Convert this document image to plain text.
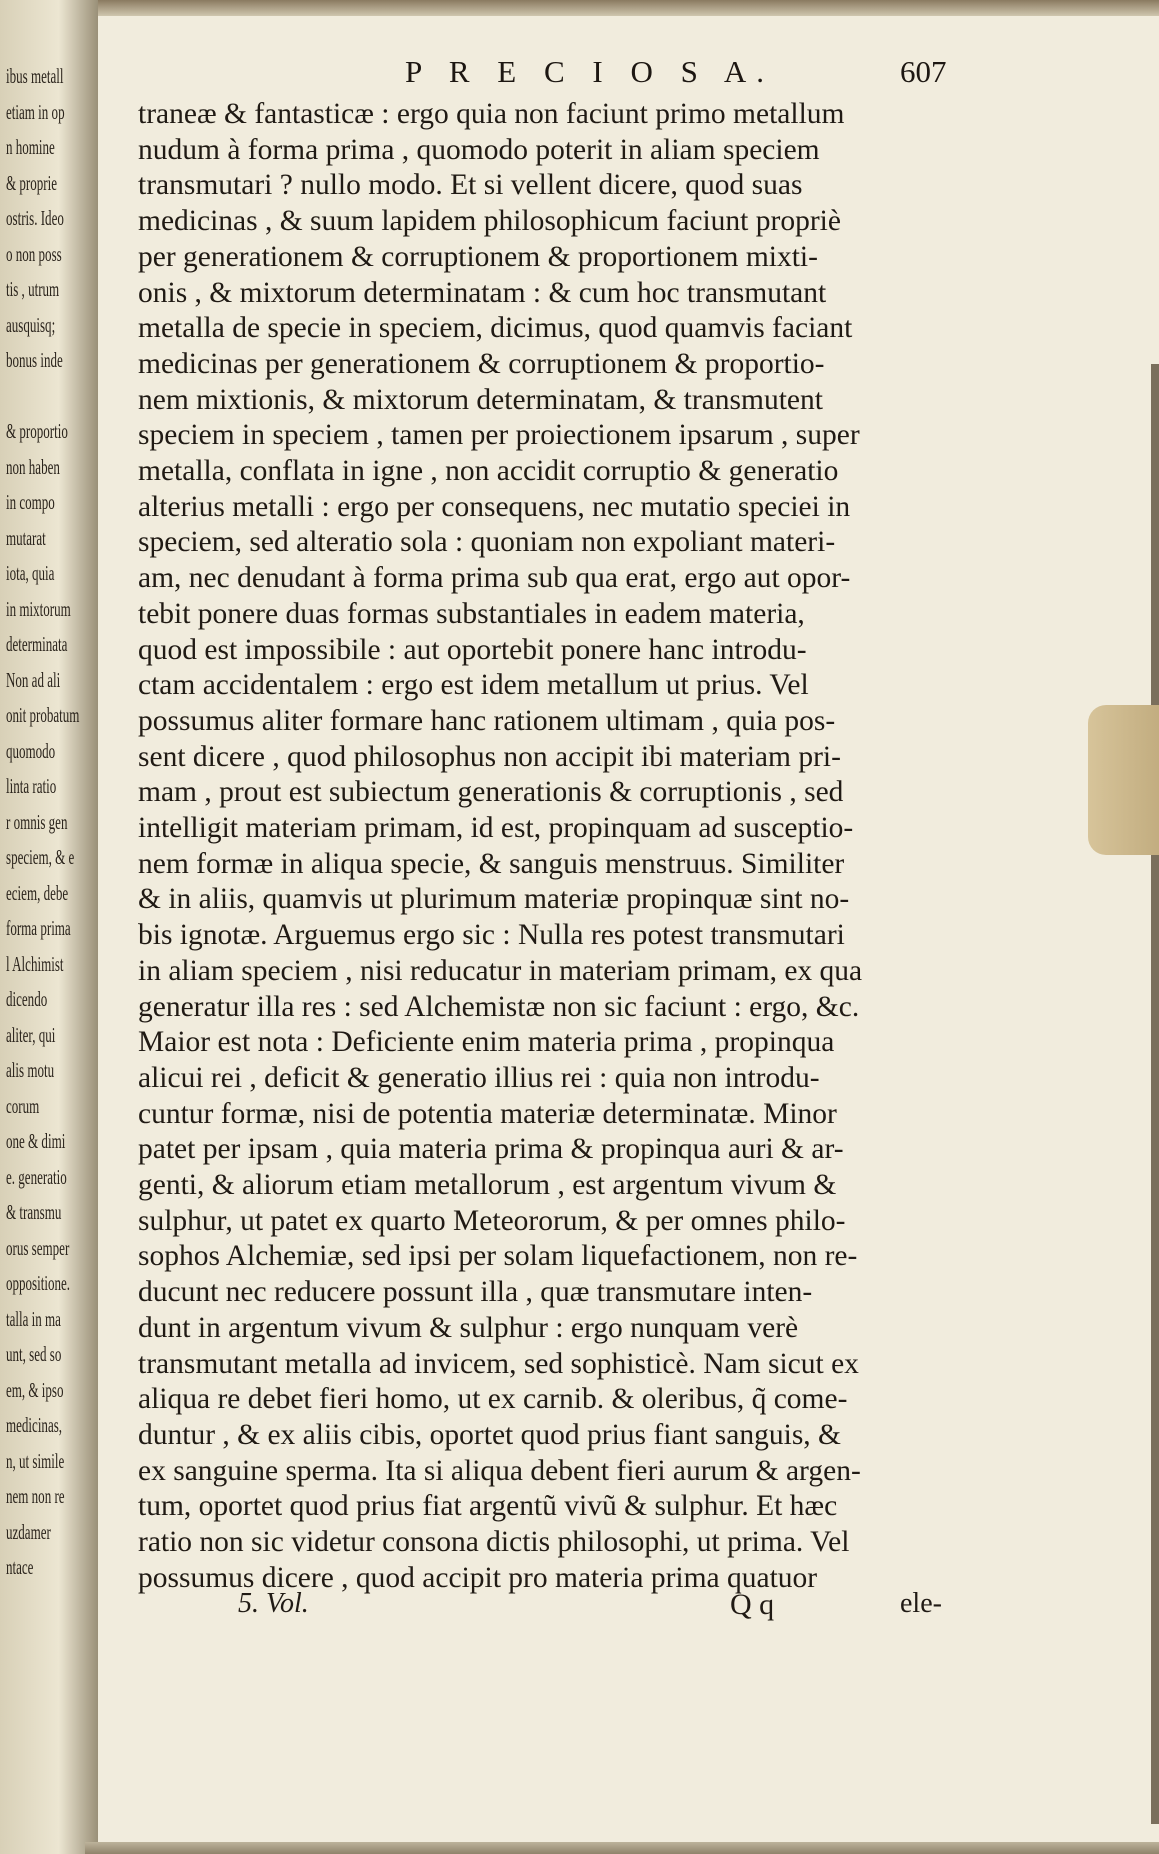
ibus metall
etiam in op
n homine
& proprie
ostris. Ideo
o non poss
tis , utrum
ausquisq;
bonus inde
& proportio
non haben
in compo
mutarat
iota, quia
in mixtorum
determinata
Non ad ali
onit probatum
quomodo
linta ratio
r omnis gen
speciem, & e
eciem, debe
forma prima
l Alchimist
dicendo
aliter, qui
alis motu
corum
one & dimi
e. generatio
& transmu
orus semper
oppositione.
talla in ma
unt, sed so
em, & ipso
medicinas,
n, ut simile
nem non re
uzdamer
ntace
P R E C I O S A.	607
traneæ & fantasticæ : ergo quia non faciunt primo metallum
nudum à forma prima , quomodo poterit in aliam speciem
transmutari ? nullo modo. Et si vellent dicere, quod suas
medicinas , & suum lapidem philosophicum faciunt propriè
per generationem & corruptionem & proportionem mixti-
onis , & mixtorum determinatam : & cum hoc transmutant
metalla de specie in speciem, dicimus, quod quamvis faciant
medicinas per generationem & corruptionem & proportio-
nem mixtionis, & mixtorum determinatam, & transmutent
speciem in speciem , tamen per proiectionem ipsarum , super
metalla, conflata in igne , non accidit corruptio & generatio
alterius metalli : ergo per consequens, nec mutatio speciei in
speciem, sed alteratio sola : quoniam non expoliant materi-
am, nec denudant à forma prima sub qua erat, ergo aut opor-
tebit ponere duas formas substantiales in eadem materia,
quod est impossibile : aut oportebit ponere hanc introdu-
ctam accidentalem : ergo est idem metallum ut prius. Vel
possumus aliter formare hanc rationem ultimam , quia pos-
sent dicere , quod philosophus non accipit ibi materiam pri-
mam , prout est subiectum generationis & corruptionis , sed
intelligit materiam primam, id est, propinquam ad susceptio-
nem formæ in aliqua specie, & sanguis menstruus. Similiter
& in aliis, quamvis ut plurimum materiæ propinquæ sint no-
bis ignotæ. Arguemus ergo sic : Nulla res potest transmutari
in aliam speciem , nisi reducatur in materiam primam, ex qua
generatur illa res : sed Alchemistæ non sic faciunt : ergo, &c.
Maior est nota : Deficiente enim materia prima , propinqua
alicui rei , deficit & generatio illius rei : quia non introdu-
cuntur formæ, nisi de potentia materiæ determinatæ. Minor
patet per ipsam , quia materia prima & propinqua auri & ar-
genti, & aliorum etiam metallorum , est argentum vivum &
sulphur, ut patet ex quarto Meteororum, & per omnes philo-
sophos Alchemiæ, sed ipsi per solam liquefactionem, non re-
ducunt nec reducere possunt illa , quæ transmutare inten-
dunt in argentum vivum & sulphur : ergo nunquam verè
transmutant metalla ad invicem, sed sophisticè. Nam sicut ex
aliqua re debet fieri homo, ut ex carnib. & oleribus, q̃ come-
duntur , & ex aliis cibis, oportet quod prius fiant sanguis, &
ex sanguine sperma. Ita si aliqua debent fieri aurum & argen-
tum, oportet quod prius fiat argentũ vivũ & sulphur. Et hæc
ratio non sic videtur consona dictis philosophi, ut prima. Vel
possumus dicere , quod accipit pro materia prima quatuor
5. Vol.	Q q	ele-
